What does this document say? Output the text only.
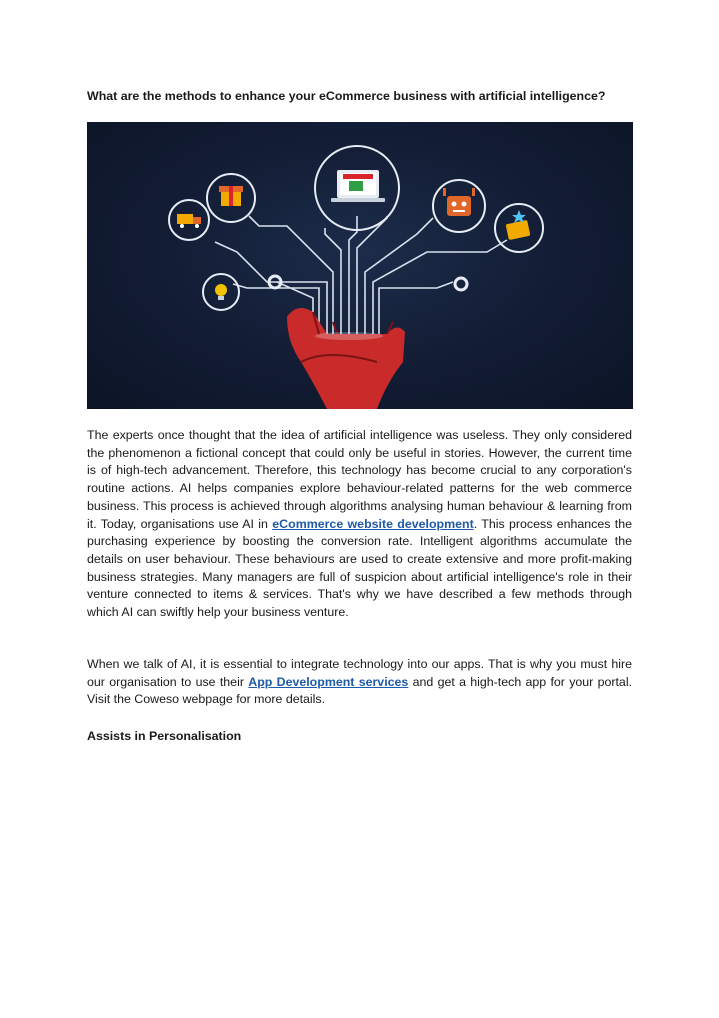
What are the methods to enhance your eCommerce business with artificial intelligence?

The experts once thought that the idea of artificial intelligence was useless. They only considered the phenomenon a fictional concept that could only be useful in stories. However, the current time is of high-tech advancement. Therefore, this technology has become crucial to any corporation's routine actions. AI helps companies explore behaviour-related patterns for the web commerce business. This process is achieved through algorithms analysing human behaviour & learning from it. Today, organisations use AI in eCommerce website development. This process enhances the purchasing experience by boosting the conversion rate. Intelligent algorithms accumulate the details on user behaviour. These behaviours are used to create extensive and more profit-making business strategies. Many managers are full of suspicion about artificial intelligence's role in their venture connected to items & services. That's why we have described a few methods through which AI can swiftly help your business venture.

When we talk of AI, it is essential to integrate technology into our apps. That is why you must hire our organisation to use their App Development services and get a high-tech app for your portal. Visit the Coweso webpage for more details.

Assists in Personalisation
